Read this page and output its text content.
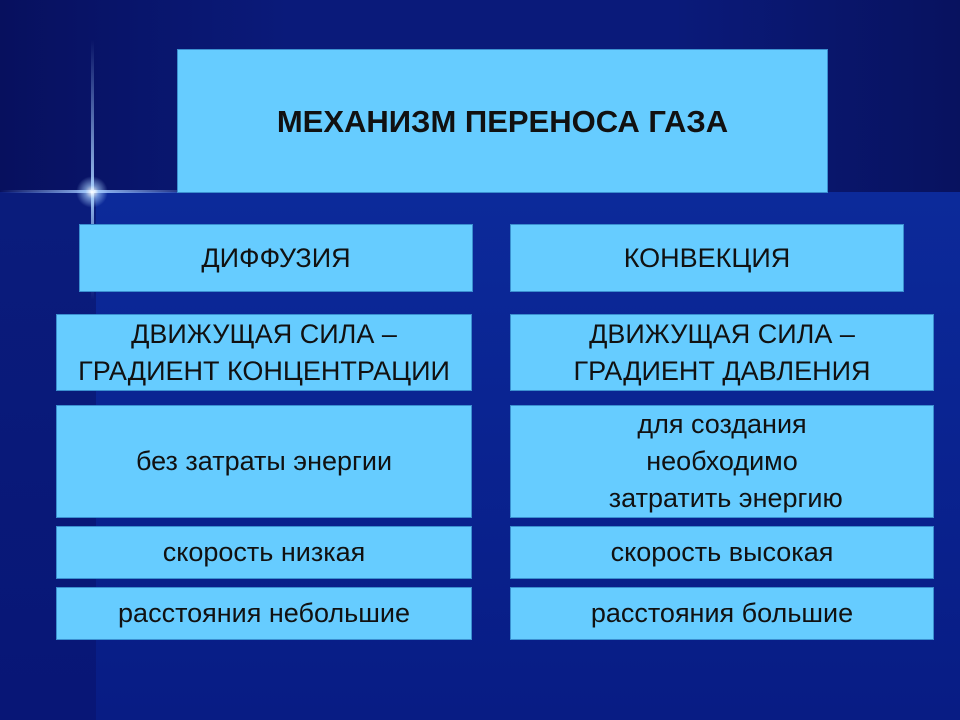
МЕХАНИЗМ ПЕРЕНОСА ГАЗА
ДИФФУЗИЯ
ДВИЖУЩАЯ СИЛА –
ГРАДИЕНТ КОНЦЕНТРАЦИИ
без затраты энергии
скорость низкая
расстояния небольшие
КОНВЕКЦИЯ
ДВИЖУЩАЯ СИЛА –
ГРАДИЕНТ ДАВЛЕНИЯ
для создания
необходимо
затратить энергию
скорость высокая
расстояния большие
